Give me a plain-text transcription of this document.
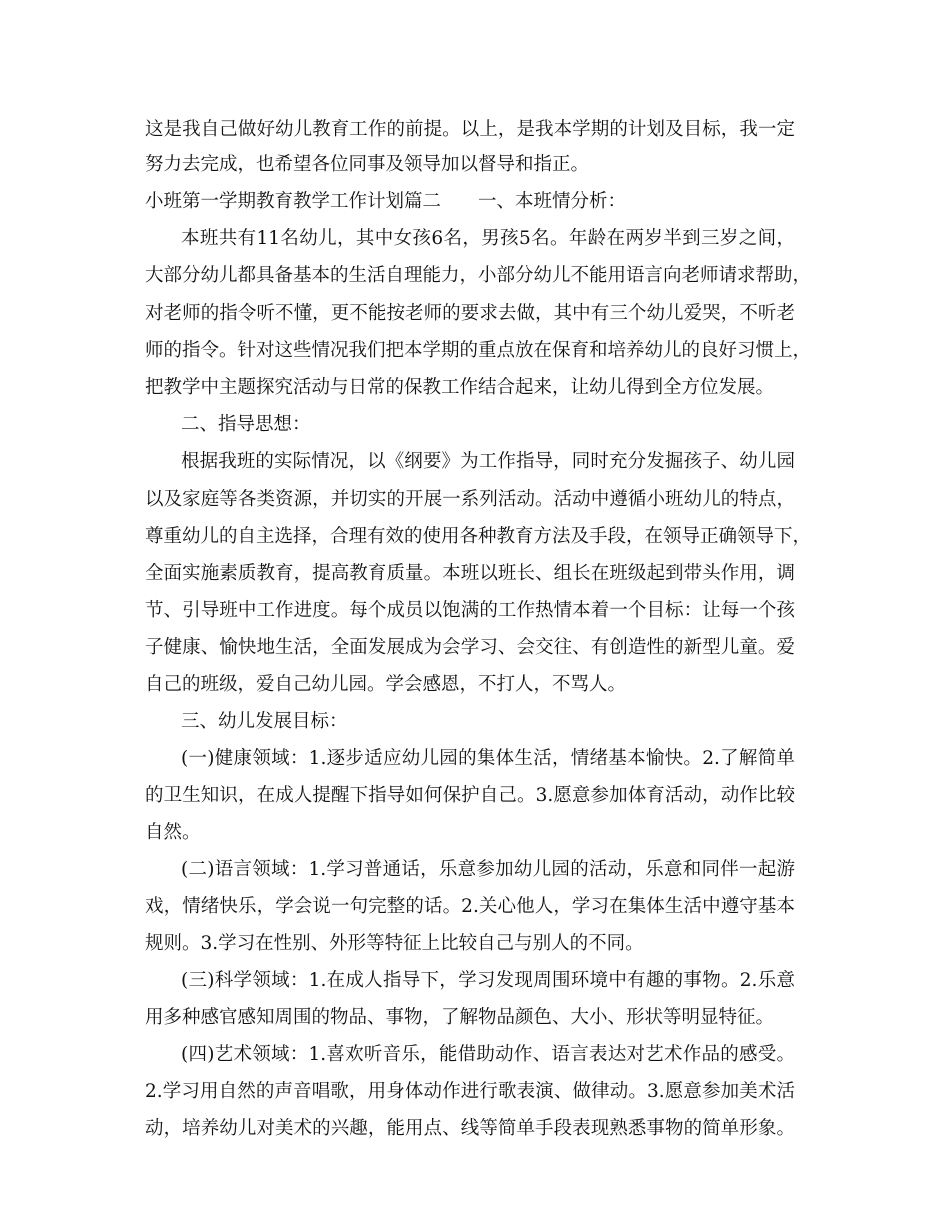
这是我自己做好幼儿教育工作的前提。以上，是我本学期的计划及目标，我一定
努力去完成，也希望各位同事及领导加以督导和指正。
小班第一学期教育教学工作计划篇二　　一、本班情分析：
本班共有11名幼儿，其中女孩6名，男孩5名。年龄在两岁半到三岁之间，
大部分幼儿都具备基本的生活自理能力，小部分幼儿不能用语言向老师请求帮助，
对老师的指令听不懂，更不能按老师的要求去做，其中有三个幼儿爱哭，不听老
师的指令。针对这些情况我们把本学期的重点放在保育和培养幼儿的良好习惯上，
把教学中主题探究活动与日常的保教工作结合起来，让幼儿得到全方位发展。
二、指导思想：
根据我班的实际情况，以《纲要》为工作指导，同时充分发掘孩子、幼儿园
以及家庭等各类资源，并切实的开展一系列活动。活动中遵循小班幼儿的特点，
尊重幼儿的自主选择，合理有效的使用各种教育方法及手段，在领导正确领导下，
全面实施素质教育，提高教育质量。本班以班长、组长在班级起到带头作用，调
节、引导班中工作进度。每个成员以饱满的工作热情本着一个目标：让每一个孩
子健康、愉快地生活，全面发展成为会学习、会交往、有创造性的新型儿童。爱
自己的班级，爱自己幼儿园。学会感恩，不打人，不骂人。
三、幼儿发展目标：
(一)健康领域：1.逐步适应幼儿园的集体生活，情绪基本愉快。2.了解简单
的卫生知识，在成人提醒下指导如何保护自己。3.愿意参加体育活动，动作比较
自然。
(二)语言领域：1.学习普通话，乐意参加幼儿园的活动，乐意和同伴一起游
戏，情绪快乐，学会说一句完整的话。2.关心他人，学习在集体生活中遵守基本
规则。3.学习在性别、外形等特征上比较自己与别人的不同。
(三)科学领域：1.在成人指导下，学习发现周围环境中有趣的事物。2.乐意
用多种感官感知周围的物品、事物，了解物品颜色、大小、形状等明显特征。
(四)艺术领域：1.喜欢听音乐，能借助动作、语言表达对艺术作品的感受。
2.学习用自然的声音唱歌，用身体动作进行歌表演、做律动。3.愿意参加美术活
动，培养幼儿对美术的兴趣，能用点、线等简单手段表现熟悉事物的简单形象。
